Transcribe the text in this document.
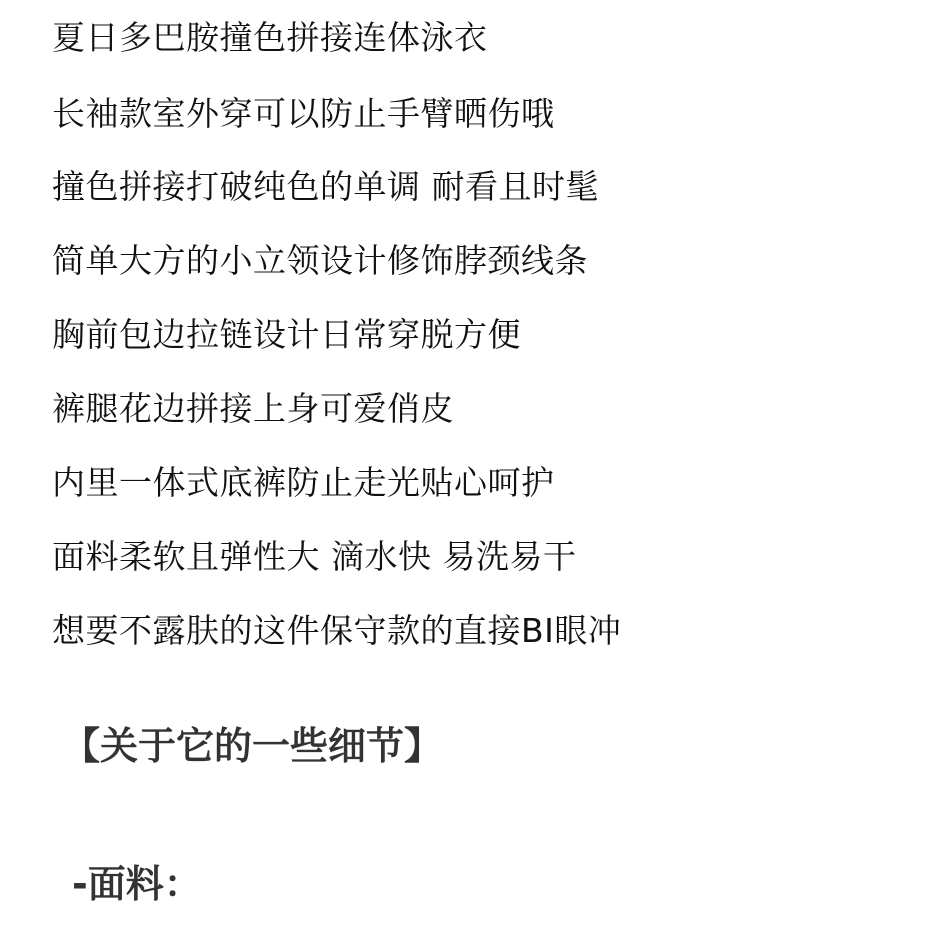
夏日多巴胺撞色拼接连体泳衣

长袖款室外穿可以防止手臂晒伤哦

撞色拼接打破纯色的单调 耐看且时髦

简单大方的小立领设计修饰脖颈线条

胸前包边拉链设计日常穿脱方便

裤腿花边拼接上身可爱俏皮

内里一体式底裤防止走光贴心呵护

面料柔软且弹性大 滴水快 易洗易干

想要不露肤的这件保守款的直接BI眼冲

【关于它的一些细节】
-面料：
